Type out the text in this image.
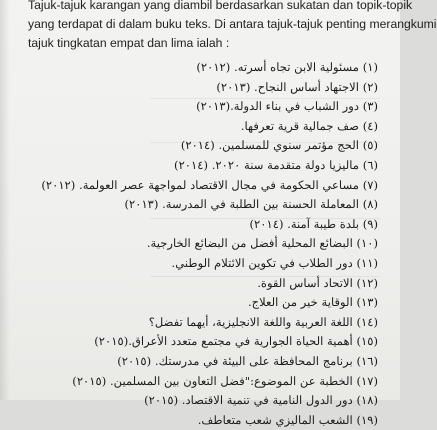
Tajuk-tajuk karangan yang diambil berdasarkan sukatan dan topik-topik
yang terdapat di dalam buku teks. Di antara tajuk-tajuk penting merangkumi
tajuk tingkatan empat dan lima ialah :

(١) مسئولية الابن تجاه أسرته. (٢٠١٢)
(٢) الاجتهاد أساس النجاح. (٢٠١٣)
(٣) دور الشباب في بناء الدولة.(٢٠١٣)
(٤) صف جمالية قرية تعرفها.
(٥) الحج مؤتمر سنوي للمسلمين. (٢٠١٤)
(٦) ماليزيا دولة متقدمة سنة ٢٠٢٠. (٢٠١٤)
(٧) مساعي الحكومة في مجال الاقتصاد لمواجهة عصر العولمة. (٢٠١٢)
(٨) المعاملة الحسنة بين الطلبة في المدرسة. (٢٠١٣)
(٩) بلدة طيبة آمنة. (٢٠١٤)
(١٠) البضائع المحلية أفضل من البضائع الخارجية.
(١١) دور الطلاب في تكوين الائتلام الوطني.
(١٢) الاتحاد أساس القوة.
(١٣) الوقاية خير من العلاج.
(١٤) اللغة العربية واللغة الانجليزية، أيهما تفضل؟
(١٥) أهمية الحياة الجوارية في مجتمع متعدد الأعراق.(٢٠١٥)
(١٦) برنامج المحافظة على البيئة في مدرستك. (٢٠١٥)
(١٧) الخطبة عن الموضوع:"فضل التعاون بين المسلمين. (٢٠١٥)
(١٨) دور الدول النامية في تنمية الاقتصاد. (٢٠١٥)
(١٩) الشعب الماليزي شعب متعاطف.
